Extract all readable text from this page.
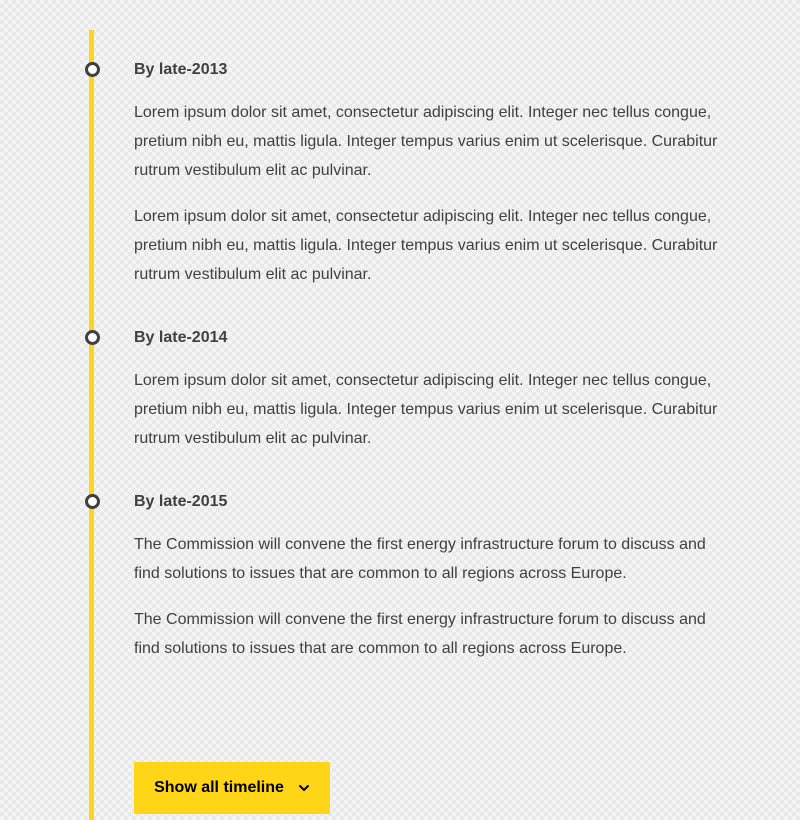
By late-2013

Lorem ipsum dolor sit amet, consectetur adipiscing elit. Integer nec tellus congue, pretium nibh eu, mattis ligula. Integer tempus varius enim ut scelerisque. Curabitur rutrum vestibulum elit ac pulvinar.

Lorem ipsum dolor sit amet, consectetur adipiscing elit. Integer nec tellus congue, pretium nibh eu, mattis ligula. Integer tempus varius enim ut scelerisque. Curabitur rutrum vestibulum elit ac pulvinar.

By late-2014

Lorem ipsum dolor sit amet, consectetur adipiscing elit. Integer nec tellus congue, pretium nibh eu, mattis ligula. Integer tempus varius enim ut scelerisque. Curabitur rutrum vestibulum elit ac pulvinar.

By late-2015

The Commission will convene the first energy infrastructure forum to discuss and find solutions to issues that are common to all regions across Europe.

The Commission will convene the first energy infrastructure forum to discuss and find solutions to issues that are common to all regions across Europe.

Show all timeline
